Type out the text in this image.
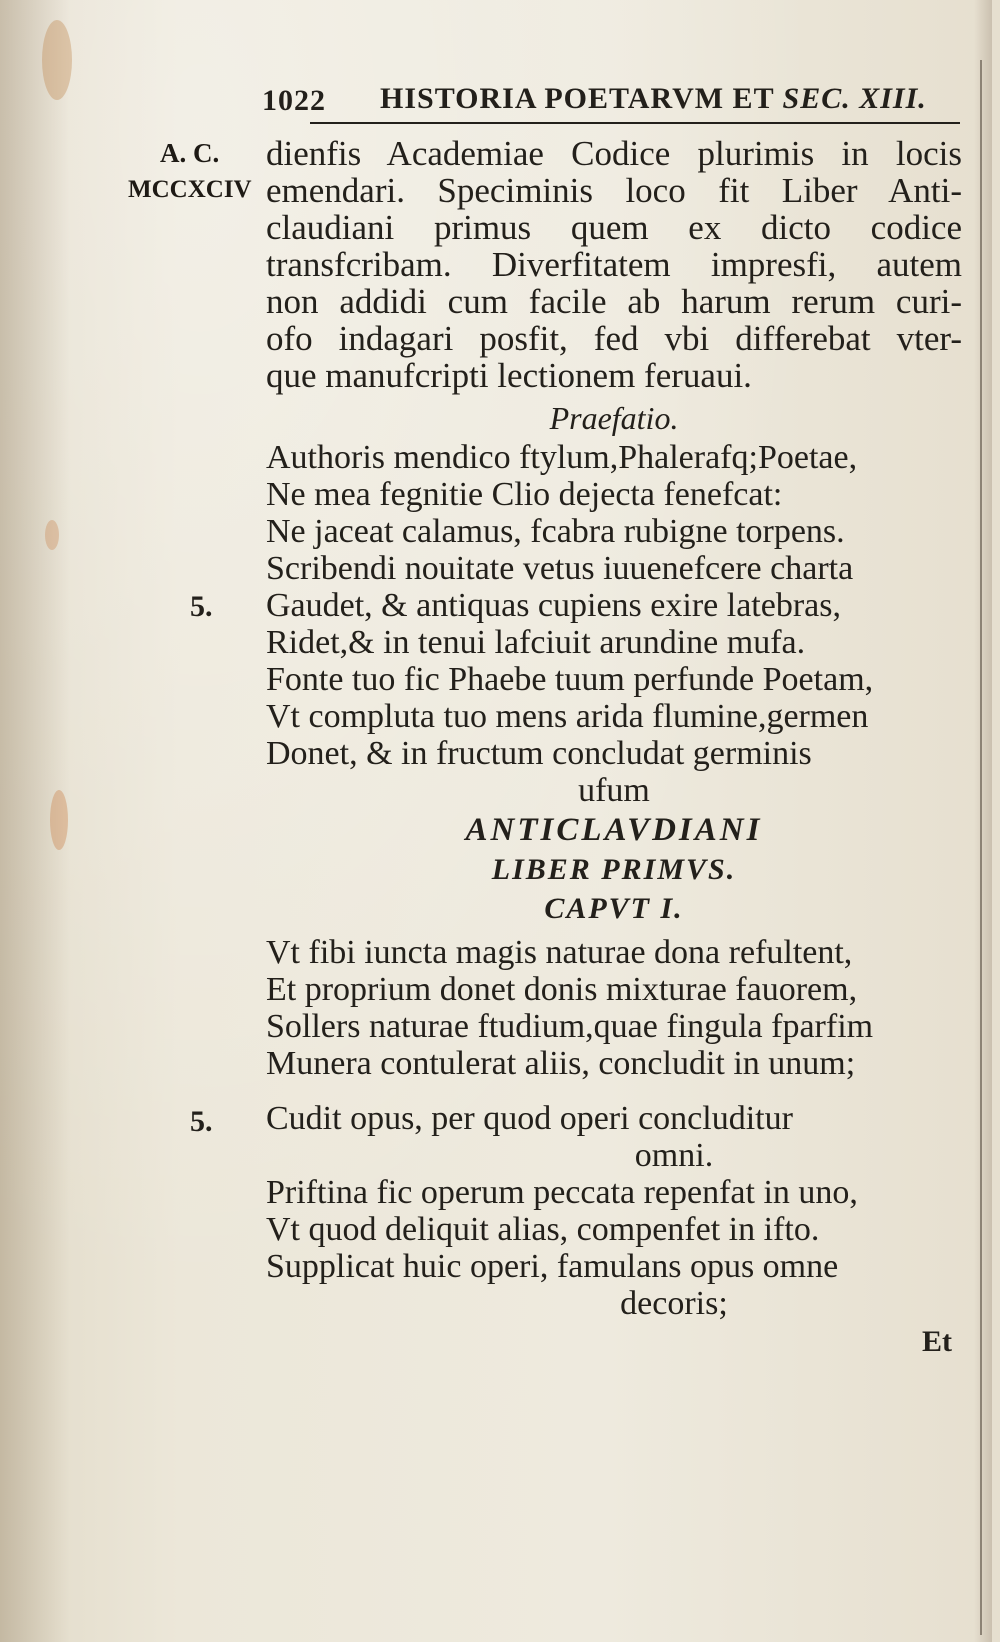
1022 HISTORIA POETARVM ET SEC. XIII.
A. C.
MCCXCIV
dienfis Academiae Codice plurimis in locis
emendari. Speciminis loco fit Liber Anti-
claudiani primus quem ex dicto codice
transfcribam. Diverfitatem impresfi, autem
non addidi cum facile ab harum rerum curi-
ofo indagari posfit, fed vbi differebat vter-
que manufcripti lectionem feruaui.
Praefatio.
Authoris mendico ftylum,Phalerafq;Poetae,
Ne mea fegnitie Clio dejecta fenefcat:
Ne jaceat calamus, fcabra rubigne torpens.
Scribendi nouitate vetus iuuenefcere charta
5. Gaudet, & antiquas cupiens exire latebras,
Ridet,& in tenui lafciuit arundine mufa.
Fonte tuo fic Phaebe tuum perfunde Poetam,
Vt compluta tuo mens arida flumine,germen
Donet, & in fructum concludat germinis
ufum
ANTICLAVDIANI
LIBER PRIMVS.
CAPVT I.
Vt fibi iuncta magis naturae dona refultent,
Et proprium donet donis mixturae fauorem,
Sollers naturae ftudium,quae fingula fparfim
Munera contulerat aliis, concludit in unum;
5. Cudit opus, per quod operi concluditur
omni.
Priftina fic operum peccata repenfat in uno,
Vt quod deliquit alias, compenfet in ifto.
Supplicat huic operi, famulans opus omne
decoris;
Et
